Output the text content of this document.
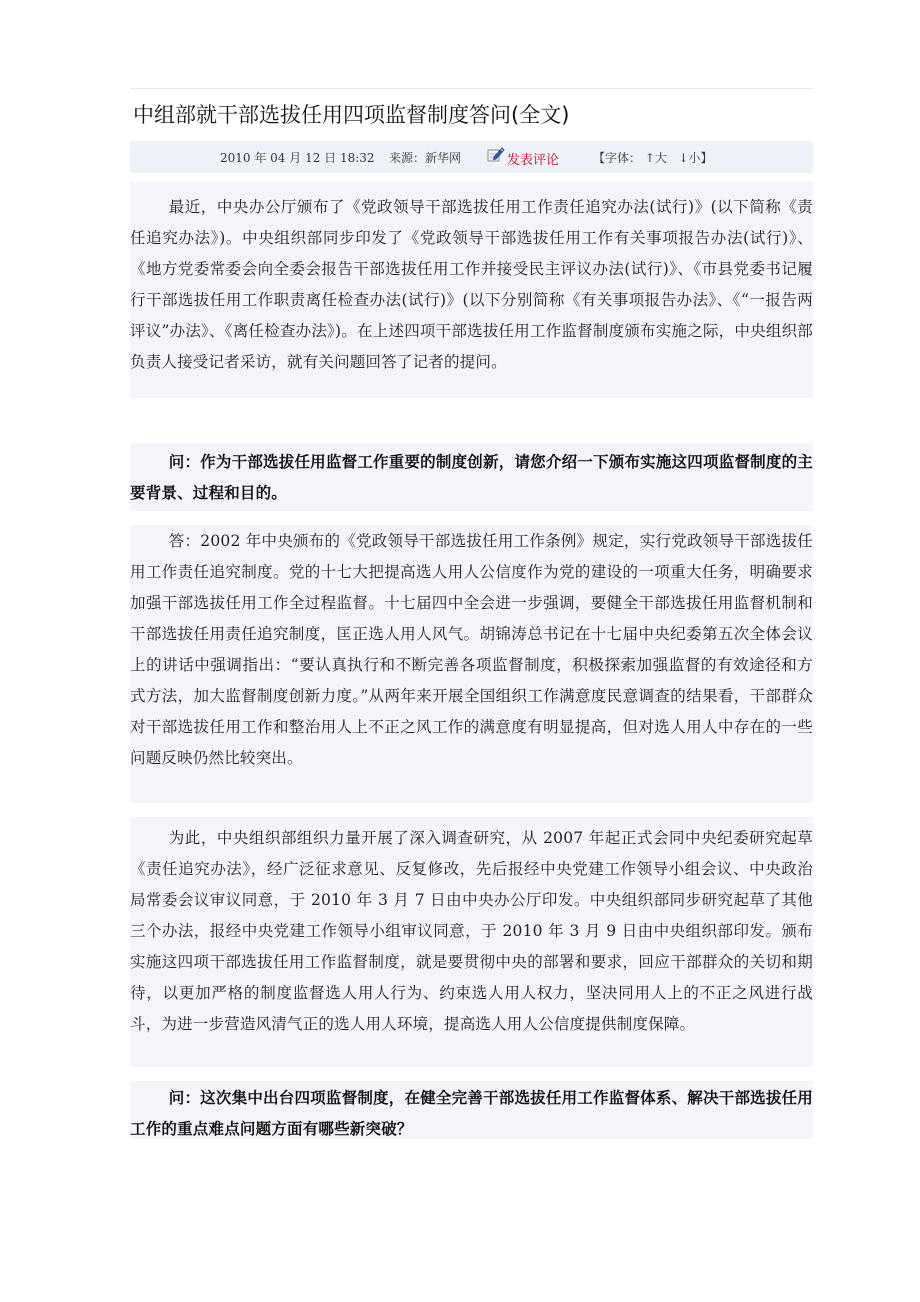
中组部就干部选拔任用四项监督制度答问(全文)
2010 年 04 月 12 日 18:32 来源：新华网	发表评论	【字体： ↑大 ↓小】

最近，中央办公厅颁布了《党政领导干部选拔任用工作责任追究办法(试行)》(以下简称《责任追究办法》)。中央组织部同步印发了《党政领导干部选拔任用工作有关事项报告办法(试行)》、《地方党委常委会向全委会报告干部选拔任用工作并接受民主评议办法(试行)》、《市县党委书记履行干部选拔任用工作职责离任检查办法(试行)》(以下分别简称《有关事项报告办法》、《“一报告两评议”办法》、《离任检查办法》)。在上述四项干部选拔任用工作监督制度颁布实施之际，中央组织部负责人接受记者采访，就有关问题回答了记者的提问。

问：作为干部选拔任用监督工作重要的制度创新，请您介绍一下颁布实施这四项监督制度的主要背景、过程和目的。

答：2002 年中央颁布的《党政领导干部选拔任用工作条例》规定，实行党政领导干部选拔任用工作责任追究制度。党的十七大把提高选人用人公信度作为党的建设的一项重大任务，明确要求加强干部选拔任用工作全过程监督。十七届四中全会进一步强调，要健全干部选拔任用监督机制和干部选拔任用责任追究制度，匡正选人用人风气。胡锦涛总书记在十七届中央纪委第五次全体会议上的讲话中强调指出：“要认真执行和不断完善各项监督制度，积极探索加强监督的有效途径和方式方法，加大监督制度创新力度。”从两年来开展全国组织工作满意度民意调查的结果看，干部群众对干部选拔任用工作和整治用人上不正之风工作的满意度有明显提高，但对选人用人中存在的一些问题反映仍然比较突出。

为此，中央组织部组织力量开展了深入调查研究，从 2007 年起正式会同中央纪委研究起草《责任追究办法》，经广泛征求意见、反复修改，先后报经中央党建工作领导小组会议、中央政治局常委会议审议同意，于 2010 年 3 月 7 日由中央办公厅印发。中央组织部同步研究起草了其他三个办法，报经中央党建工作领导小组审议同意，于 2010 年 3 月 9 日由中央组织部印发。颁布实施这四项干部选拔任用工作监督制度，就是要贯彻中央的部署和要求，回应干部群众的关切和期待，以更加严格的制度监督选人用人行为、约束选人用人权力，坚决同用人上的不正之风进行战斗，为进一步营造风清气正的选人用人环境，提高选人用人公信度提供制度保障。

问：这次集中出台四项监督制度，在健全完善干部选拔任用工作监督体系、解决干部选拔任用工作的重点难点问题方面有哪些新突破？
